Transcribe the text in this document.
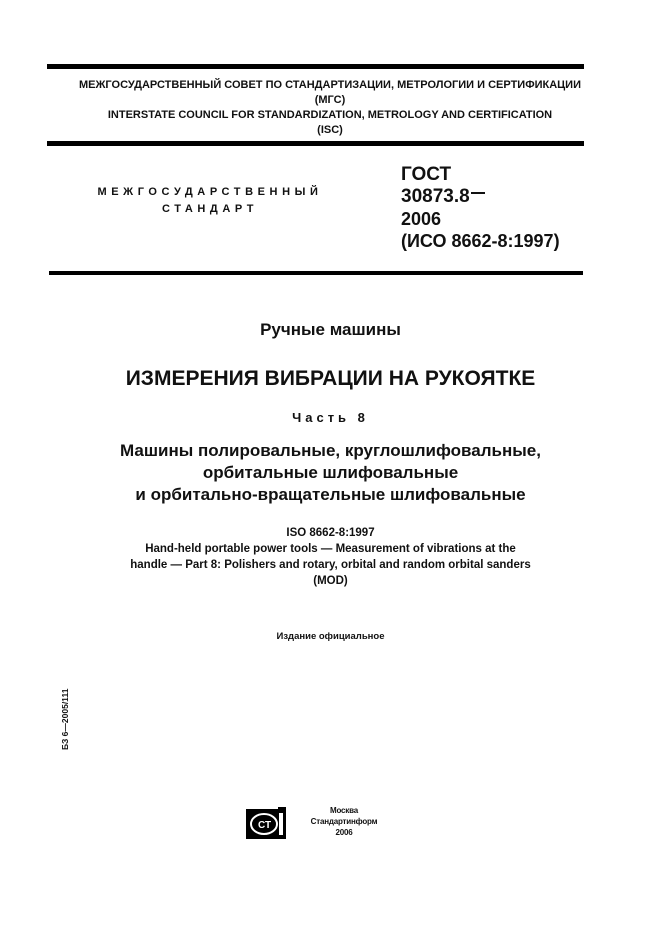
МЕЖГОСУДАРСТВЕННЫЙ СОВЕТ ПО СТАНДАРТИЗАЦИИ, МЕТРОЛОГИИ И СЕРТИФИКАЦИИ
(МГС)
INTERSTATE COUNCIL FOR STANDARDIZATION, METROLOGY AND CERTIFICATION
(ISC)
МЕЖГОСУДАРСТВЕННЫЙ
СТАНДАРТ
ГОСТ
30873.8
2006
(ИСО 8662-8:1997)
Ручные машины
ИЗМЕРЕНИЯ ВИБРАЦИИ НА РУКОЯТКЕ
Часть 8
Машины полировальные, круглошлифовальные,
орбитальные шлифовальные
и орбитально-вращательные шлифовальные
ISO 8662-8:1997
Hand-held portable power tools — Measurement of vibrations at the
handle — Part 8: Polishers and rotary, orbital and random orbital sanders
(MOD)
Издание официальное
БЗ 6—2005/111
СТ
Москва
Стандартинформ
2006
